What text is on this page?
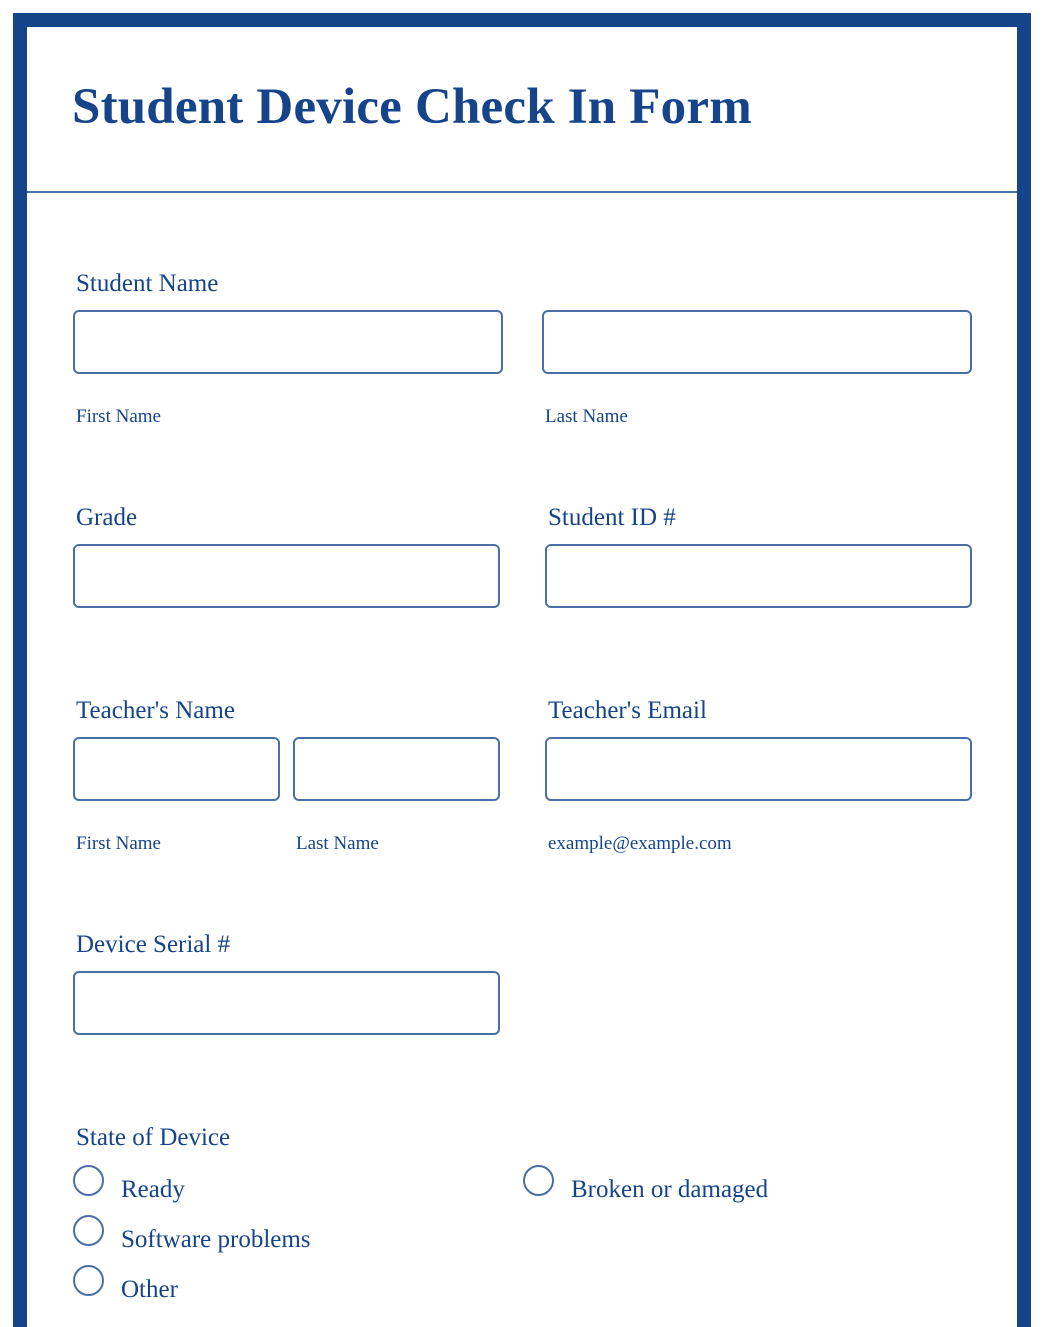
Student Device Check In Form
Student Name
First Name	Last Name
Grade	Student ID #
Teacher's Name
First Name	Last Name
Teacher's Email
example@example.com
Device Serial #
State of Device
Ready	Broken or damaged
Software problems
Other
